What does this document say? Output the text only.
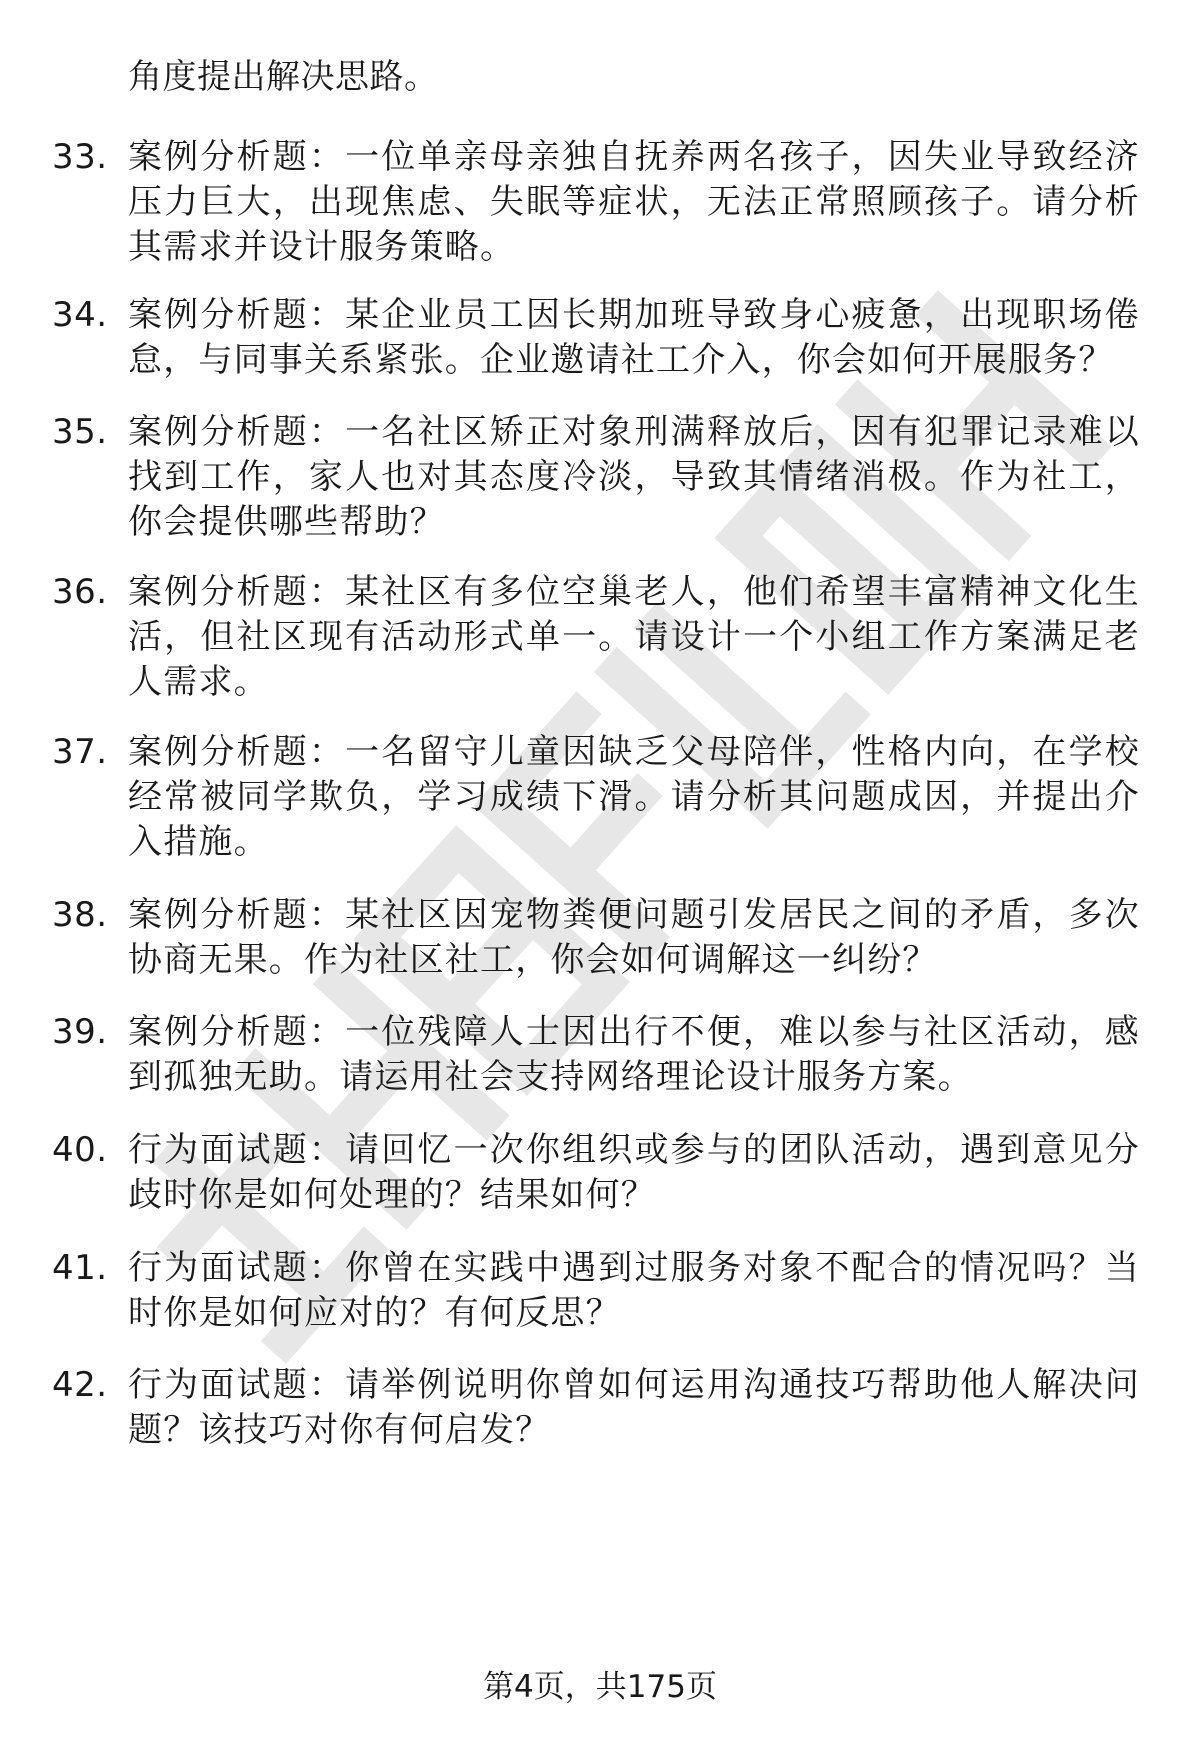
角度提出解决思路。
33. 案例分析题：一位单亲母亲独自抚养两名孩子，因失业导致经济压力巨大，出现焦虑、失眠等症状，无法正常照顾孩子。请分析其需求并设计服务策略。
34. 案例分析题：某企业员工因长期加班导致身心疲惫，出现职场倦怠，与同事关系紧张。企业邀请社工介入，你会如何开展服务？
35. 案例分析题：一名社区矫正对象刑满释放后，因有犯罪记录难以找到工作，家人也对其态度冷淡，导致其情绪消极。作为社工，你会提供哪些帮助？
36. 案例分析题：某社区有多位空巢老人，他们希望丰富精神文化生活，但社区现有活动形式单一。请设计一个小组工作方案满足老人需求。
37. 案例分析题：一名留守儿童因缺乏父母陪伴，性格内向，在学校经常被同学欺负，学习成绩下滑。请分析其问题成因，并提出介入措施。
38. 案例分析题：某社区因宠物粪便问题引发居民之间的矛盾，多次协商无果。作为社区社工，你会如何调解这一纠纷？
39. 案例分析题：一位残障人士因出行不便，难以参与社区活动，感到孤独无助。请运用社会支持网络理论设计服务方案。
40. 行为面试题：请回忆一次你组织或参与的团队活动，遇到意见分歧时你是如何处理的？结果如何？
41. 行为面试题：你曾在实践中遇到过服务对象不配合的情况吗？当时你是如何应对的？有何反思？
42. 行为面试题：请举例说明你曾如何运用沟通技巧帮助他人解决问题？该技巧对你有何启发？
第4页，共175页
